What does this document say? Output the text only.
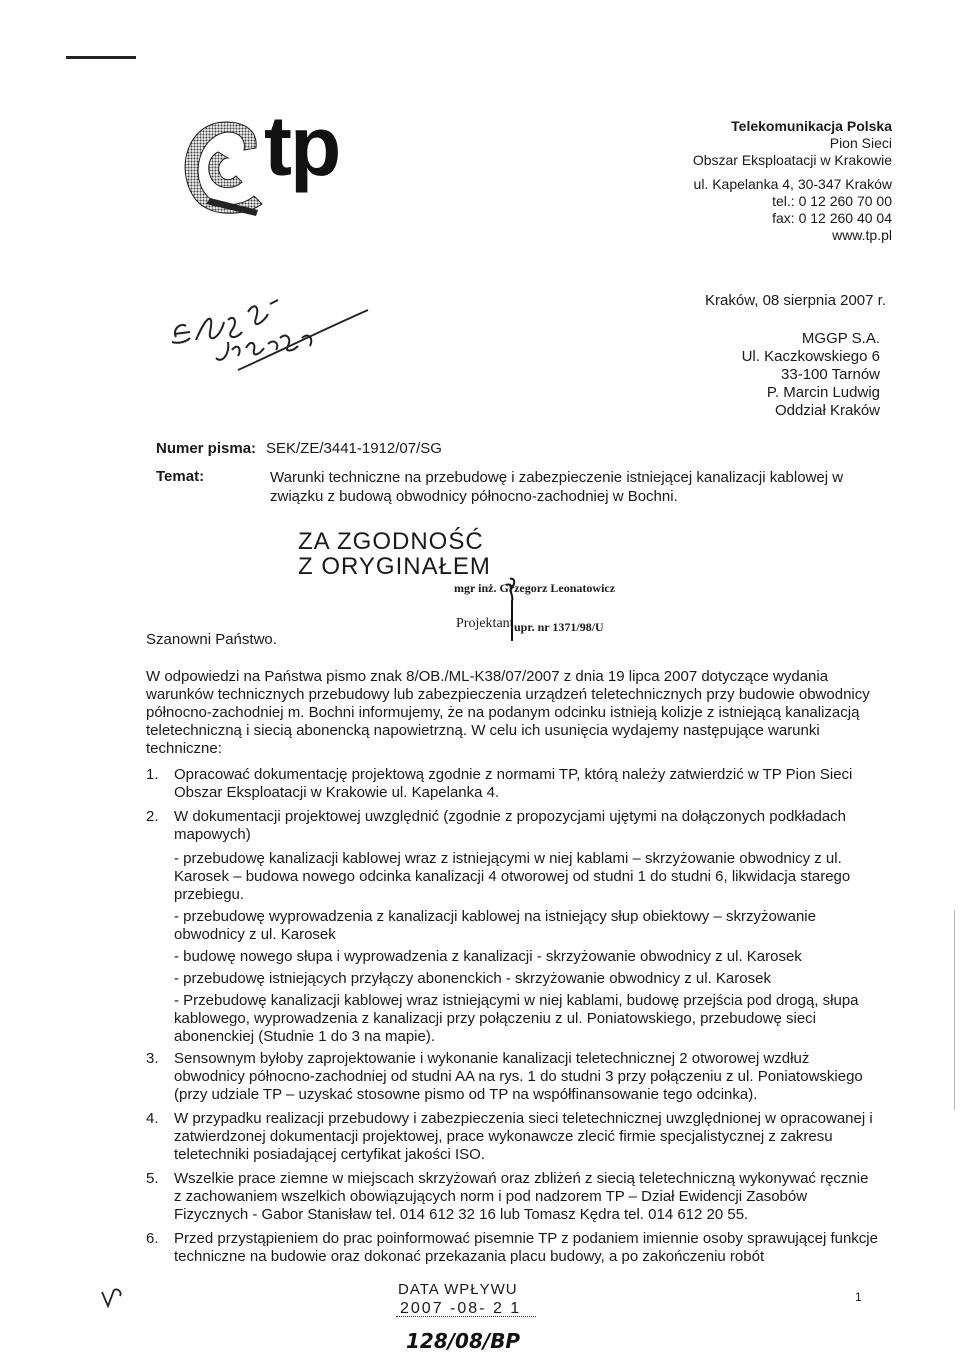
tp	Telekomunikacja Polska
Pion Sieci
Obszar Eksploatacji w Krakowie
ul. Kapelanka 4, 30-347 Kraków
tel.: 0 12 260 70 00
fax: 0 12 260 40 04
www.tp.pl
Kraków, 08 sierpnia 2007 r.
MGGP S.A.
Ul. Kaczkowskiego 6
33-100 Tarnów
P. Marcin Ludwig
Oddział Kraków
Numer pisma: SEK/ZE/3441-1912/07/SG
Temat:	Warunki techniczne na przebudowę i zabezpieczenie istniejącej kanalizacji kablowej w związku z budową obwodnicy północno-zachodniej w Bochni.
ZA ZGODNOŚĆ
Z ORYGINAŁEM
mgr inż. Grzegorz Leonatowicz
Projektant upr. nr 1371/98/U
Szanowni Państwo.
W odpowiedzi na Państwa pismo znak 8/OB./ML-K38/07/2007 z dnia 19 lipca 2007 dotyczące wydania warunków technicznych przebudowy lub zabezpieczenia urządzeń teletechnicznych przy budowie obwodnicy północno-zachodniej m. Bochni informujemy, że na podanym odcinku istnieją kolizje z istniejącą kanalizacją teletechniczną i siecią abonencką napowietrzną. W celu ich usunięcia wydajemy następujące warunki techniczne:
1.	Opracować dokumentację projektową zgodnie z normami TP, którą należy zatwierdzić w TP Pion Sieci Obszar Eksploatacji w Krakowie ul. Kapelanka 4.
2.	W dokumentacji projektowej uwzględnić (zgodnie z propozycjami ujętymi na dołączonych podkładach mapowych)
- przebudowę kanalizacji kablowej wraz z istniejącymi w niej kablami – skrzyżowanie obwodnicy z ul. Karosek – budowa nowego odcinka kanalizacji 4 otworowej od studni 1 do studni 6, likwidacja starego przebiegu.
- przebudowę wyprowadzenia z kanalizacji kablowej na istniejący słup obiektowy – skrzyżowanie obwodnicy z ul. Karosek
- budowę nowego słupa i wyprowadzenia z kanalizacji - skrzyżowanie obwodnicy z ul. Karosek
- przebudowę istniejących przyłączy abonenckich - skrzyżowanie obwodnicy z ul. Karosek
- Przebudowę kanalizacji kablowej wraz istniejącymi w niej kablami, budowę przejścia pod drogą, słupa kablowego, wyprowadzenia z kanalizacji przy połączeniu z ul. Poniatowskiego, przebudowę sieci abonenckiej (Studnie 1 do 3 na mapie).
3.	Sensownym byłoby zaprojektowanie i wykonanie kanalizacji teletechnicznej 2 otworowej wzdłuż obwodnicy północno-zachodniej od studni AA na rys. 1 do studni 3 przy połączeniu z ul. Poniatowskiego (przy udziale TP – uzyskać stosowne pismo od TP na współfinansowanie tego odcinka).
4.	W przypadku realizacji przebudowy i zabezpieczenia sieci teletechnicznej uwzględnionej w opracowanej i zatwierdzonej dokumentacji projektowej, prace wykonawcze zlecić firmie specjalistycznej z zakresu teletechniki posiadającej certyfikat jakości ISO.
5.	Wszelkie prace ziemne w miejscach skrzyżowań oraz zbliżeń z siecią teletechniczną wykonywać ręcznie z zachowaniem wszelkich obowiązujących norm i pod nadzorem TP – Dział Ewidencji Zasobów Fizycznych - Gabor Stanisław tel. 014 612 32 16 lub Tomasz Kędra tel. 014 612 20 55.
6.	Przed przystąpieniem do prac poinformować pisemnie TP z podaniem imiennie osoby sprawującej funkcje techniczne na budowie oraz dokonać przekazania placu budowy, a po zakończeniu robót
DATA WPŁYWU
2007 -08- 2 1
128/08/BP
1
